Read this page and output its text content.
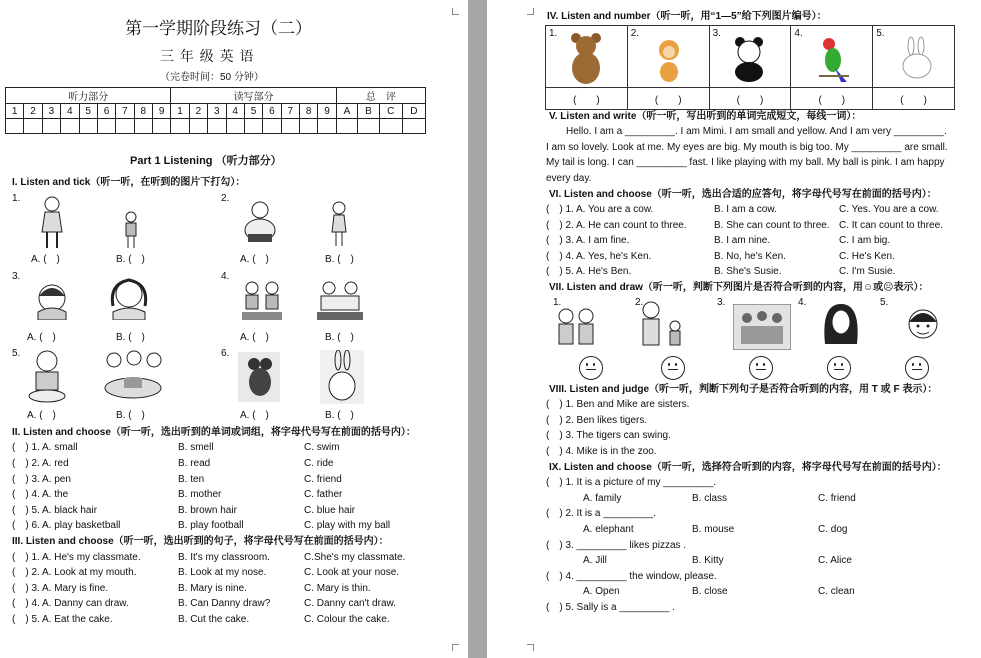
第一学期阶段练习（二）
三 年 级 英 语
（完卷时间：50 分钟）
听力部分									读写部分									总　评			
1	2	3	4	5	6	7	8	9	1	2	3	4	5	6	7	8	9	A	B	C	D

Part 1 Listening （听力部分）
I. Listen and tick（听一听，在听到的图片下打勾）：
1.	2.
3.	4.
5.	6.
A. (　)	B. (　)	A. (　)	B. (　)
A. (　)	B. (　)	A. (　)	B. (　)
A. (　)	B. (　)	A. (　)	B. (　)
II. Listen and choose（听一听，选出听到的单词或词组，将字母代号写在前面的括号内）：
(　) 1. A. small	B. smell	C. swim
(　) 2. A. red	B. read	C. ride
(　) 3. A. pen	B. ten	C. friend
(　) 4. A. the	B. mother	C. father
(　) 5. A. black hair	B. brown hair	C. blue hair
(　) 6. A. play basketball	B. play football	C. play with my ball
III. Listen and choose（听一听，选出听到的句子，将字母代号写在前面的括号内）：
(　) 1. A. He's my classmate.	B. It's my classroom.	C.She's my classmate.
(　) 2. A. Look at my mouth.	B. Look at my nose.	C. Look at your nose.
(　) 3. A. Mary is fine.	B. Mary is nine.	C. Mary is thin.
(　) 4. A. Danny can draw.	B. Can Danny draw?	C. Danny can't draw.
(　) 5. A. Eat the cake.	B. Cut the cake.	C. Colour the cake.
IV. Listen and number（听一听，用“1—5”给下列图片编号）：
1.	2.	3.	4.	5.

(　　)	(　　)	(　　)	(　　)	(　　)
V. Listen and write（听一听，写出听到的单词完成短文，每线一词）：
Hello. I am a _________. I am Mimi. I am small and yellow. And I am very _________.
I am so lovely. Look at me. My eyes are big. My mouth is big too. My _________ are small.
My tail is long. I can _________ fast. I like playing with my ball. My ball is pink. I am happy
every day.
VI. Listen and choose（听一听，选出合适的应答句，将字母代号写在前面的括号内）：
(　) 1. A. You are a cow.	B. I am a cow.	C. Yes. You are a cow.
(　) 2. A. He can count to three.	B. She can count to three. C. It can count to three.
(　) 3. A. I am fine.	B. I am nine.	C. I am big.
(　) 4. A. Yes, he's Ken.	B. No, he's Ken.	C. He's Ken.
(　) 5. A. He's Ben.	B. She's Susie.	C. I'm Susie.
VII. Listen and draw（听一听，判断下列图片是否符合听到的内容，用☺或☹表示）：
1.	2.	3.	4.	5.
VIII. Listen and judge（听一听，判断下列句子是否符合听到的内容，用 T 或 F 表示）：
(　) 1. Ben and Mike are sisters.
(　) 2. Ben likes tigers.
(　) 3. The tigers can swing.
(　) 4. Mike is in the zoo.
IX. Listen and choose（听一听，选择符合听到的内容，将字母代号写在前面的括号内）：
(　) 1. It is a picture of my _________.
A. family	B. class	C. friend
(　) 2. It is a _________.
A. elephant	B. mouse	C. dog
(　) 3. _________ likes pizzas .
A. Jill	B. Kitty	C. Alice
(　) 4. _________ the window, please.
A. Open	B. close	C. clean
(　) 5. Sally is a _________ .
